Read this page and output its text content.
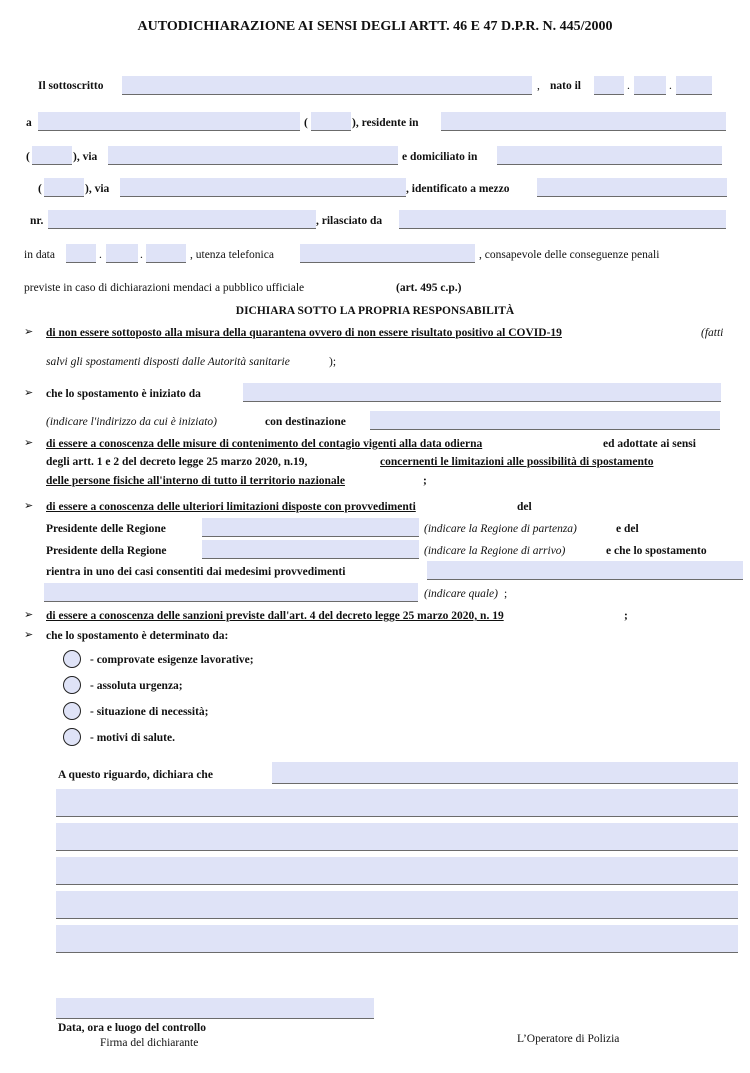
AUTODICHIARAZIONE AI SENSI DEGLI ARTT. 46 E 47 D.P.R. N. 445/2000
Il sottoscritto	, nato il	.	.
a	(	), residente in
(	), via	e domiciliato in
(	), via	, identificato a mezzo
nr.	, rilasciato da
in data	.	.	, utenza telefonica	, consapevole delle conseguenze penali
previste in caso di dichiarazioni mendaci a pubblico ufficiale	(art. 495 c.p.)
DICHIARA SOTTO LA PROPRIA RESPONSABILITÀ
➢ di non essere sottoposto alla misura della quarantena ovvero di non essere risultato positivo al COVID-19	(fatti
salvi gli spostamenti disposti dalle Autorità sanitarie	);
➢ che lo spostamento è iniziato da
(indicare l'indirizzo da cui è iniziato)	con destinazione
➢ di essere a conoscenza delle misure di contenimento del contagio vigenti alla data odierna	ed adottate ai sensi
degli artt. 1 e 2 del decreto legge 25 marzo 2020, n.19,	concernenti le limitazioni alle possibilità di spostamento
delle persone fisiche all'interno di tutto il territorio nazionale	;
➢ di essere a conoscenza delle ulteriori limitazioni disposte con provvedimenti	del
Presidente delle Regione	(indicare la Regione di partenza)	e del
Presidente della Regione	(indicare la Regione di arrivo)	e che lo spostamento
rientra in uno dei casi consentiti dai medesimi provvedimenti
(indicare quale) ;
➢ di essere a conoscenza delle sanzioni previste dall'art. 4 del decreto legge 25 marzo 2020, n. 19	;
➢ che lo spostamento è determinato da:
- comprovate esigenze lavorative;
- assoluta urgenza;
- situazione di necessità;
- motivi di salute.
A questo riguardo, dichiara che
Data, ora e luogo del controllo
Firma del dichiarante	L’Operatore di Polizia
